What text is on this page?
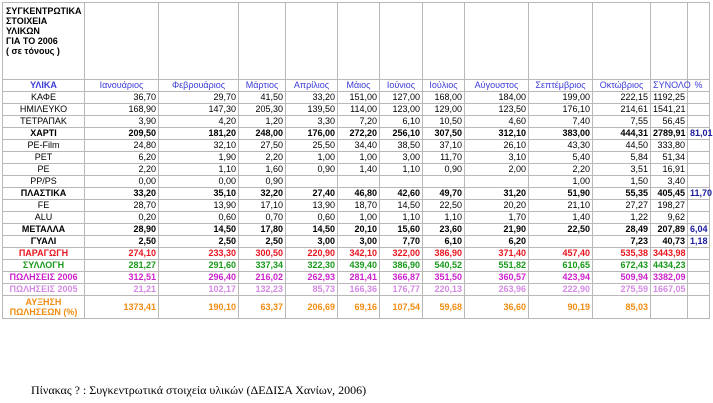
ΣΥΓΚΕΝΤΡΩΤΙΚΑ
ΣΤΟΙΧΕΙΑ ΥΛΙΚΩΝ
ΓΙΑ ΤΟ 2006
( σε τόνους )												
ΥΛΙΚΑ	Ιανουάριος	Φεβρουάριος	Μάρτιος	Απρίλιος	Μάιος	Ιούνιος	Ιούλιος	Αύγουστος	Σεπτέμβριος	Οκτώβριος	ΣΥΝΟΛΟ	%
ΚΑΦΕ	36,70	29,70	41,50	33,20	151,00	127,00	168,00	184,00	199,00	222,15	1192,25	
ΗΜΙΛΕΥΚΟ	168,90	147,30	205,30	139,50	114,00	123,00	129,00	123,50	176,10	214,61	1541,21	
ΤΕΤΡΑΠΑΚ	3,90	4,20	1,20	3,30	7,20	6,10	10,50	4,60	7,40	7,55	56,45	
ΧΑΡΤΙ	209,50	181,20	248,00	176,00	272,20	256,10	307,50	312,10	383,00	444,31	2789,91	81,01
PE-Film	24,80	32,10	27,50	25,50	34,40	38,50	37,10	26,10	43,30	44,50	333,80	
PET	6,20	1,90	2,20	1,00	1,00	3,00	11,70	3,10	5,40	5,84	51,34	
PE	2,20	1,10	1,60	0,90	1,40	1,10	0,90	2,00	2,20	3,51	16,91	
PP/PS	0,00	0,00	0,90						1,00	1,50	3,40	
ΠΛΑΣΤΙΚΑ	33,20	35,10	32,20	27,40	46,80	42,60	49,70	31,20	51,90	55,35	405,45	11,70
FE	28,70	13,90	17,10	13,90	18,70	14,50	22,50	20,20	21,10	27,27	198,27	
ALU	0,20	0,60	0,70	0,60	1,00	1,10	1,10	1,70	1,40	1,22	9,62	
ΜΕΤΑΛΛΑ	28,90	14,50	17,80	14,50	20,10	15,60	23,60	21,90	22,50	28,49	207,89	6,04
ΓΥΑΛΙ	2,50	2,50	2,50	3,00	3,00	7,70	6,10	6,20		7,23	40,73	1,18
ΠΑΡΑΓΩΓΗ	274,10	233,30	300,50	220,90	342,10	322,00	386,90	371,40	457,40	535,38	3443,98	
ΣΥΛΛΟΓΗ	281,27	291,60	337,34	322,30	439,40	386,90	540,52	551,82	610,65	672,43	4434,23	
ΠΩΛΗΣΕΙΣ 2006	312,51	296,40	216,02	262,93	281,41	366,87	351,50	360,57	423,94	509,94	3382,09	
ΠΩΛΗΣΕΙΣ 2005	21,21	102,17	132,23	85,73	166,36	176,77	220,13	263,96	222,90	275,59	1667,05	
ΑΥΞΗΣΗ
ΠΩΛΗΣΕΩΝ (%)	1373,41	190,10	63,37	206,69	69,16	107,54	59,68	36,60	90,19	85,03		
Πίνακας ? : Συγκεντρωτικά στοιχεία υλικών (ΔΕΔΙΣΑ Χανίων, 2006)
